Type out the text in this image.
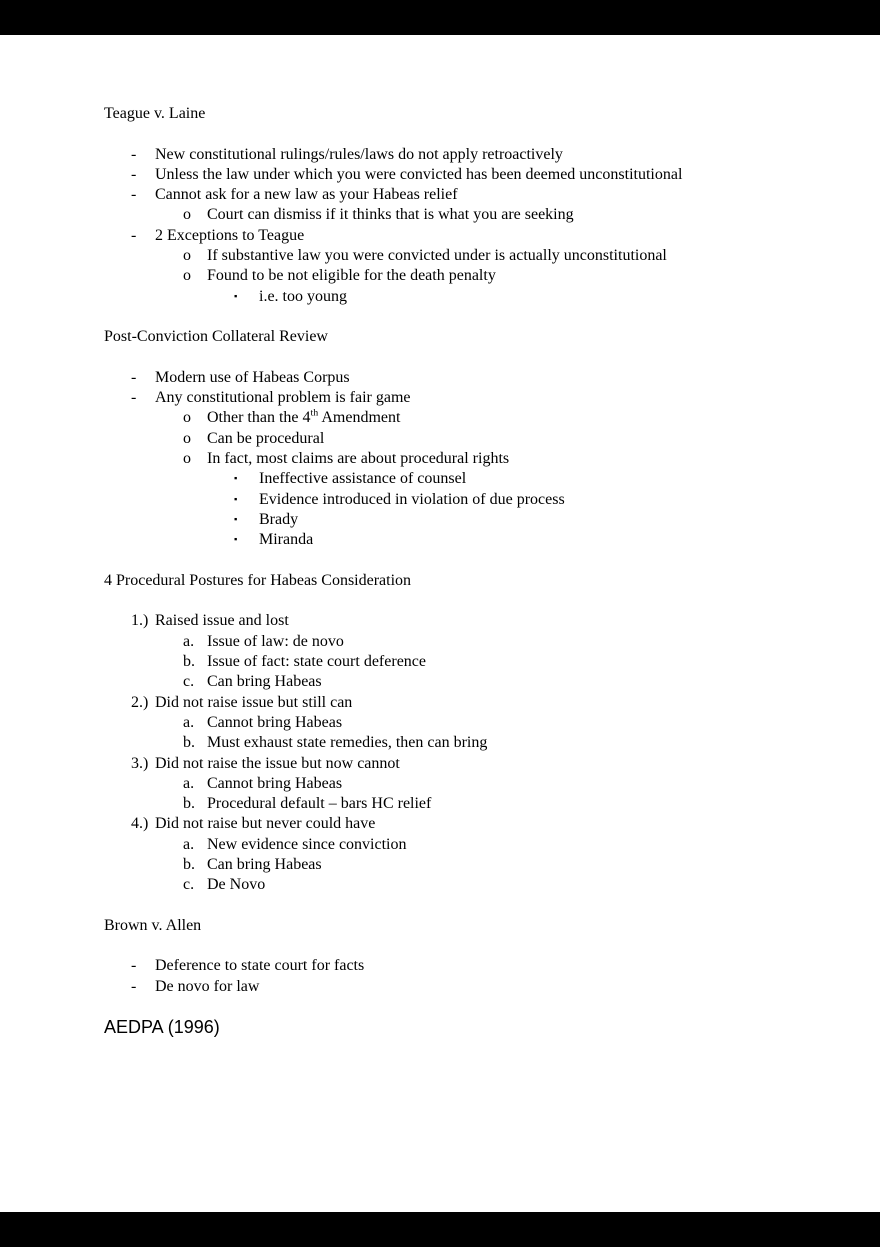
Teague v. Laine
- New constitutional rulings/rules/laws do not apply retroactively
- Unless the law under which you were convicted has been deemed unconstitutional
- Cannot ask for a new law as your Habeas relief
o Court can dismiss if it thinks that is what you are seeking
- 2 Exceptions to Teague
o If substantive law you were convicted under is actually unconstitutional
o Found to be not eligible for the death penalty
▪ i.e. too young
Post-Conviction Collateral Review
- Modern use of Habeas Corpus
- Any constitutional problem is fair game
o Other than the 4th Amendment
o Can be procedural
o In fact, most claims are about procedural rights
▪ Ineffective assistance of counsel
▪ Evidence introduced in violation of due process
▪ Brady
▪ Miranda
4 Procedural Postures for Habeas Consideration
1.) Raised issue and lost
a. Issue of law: de novo
b. Issue of fact: state court deference
c. Can bring Habeas
2.) Did not raise issue but still can
a. Cannot bring Habeas
b. Must exhaust state remedies, then can bring
3.) Did not raise the issue but now cannot
a. Cannot bring Habeas
b. Procedural default – bars HC relief
4.) Did not raise but never could have
a. New evidence since conviction
b. Can bring Habeas
c. De Novo
Brown v. Allen
- Deference to state court for facts
- De novo for law
AEDPA (1996)
